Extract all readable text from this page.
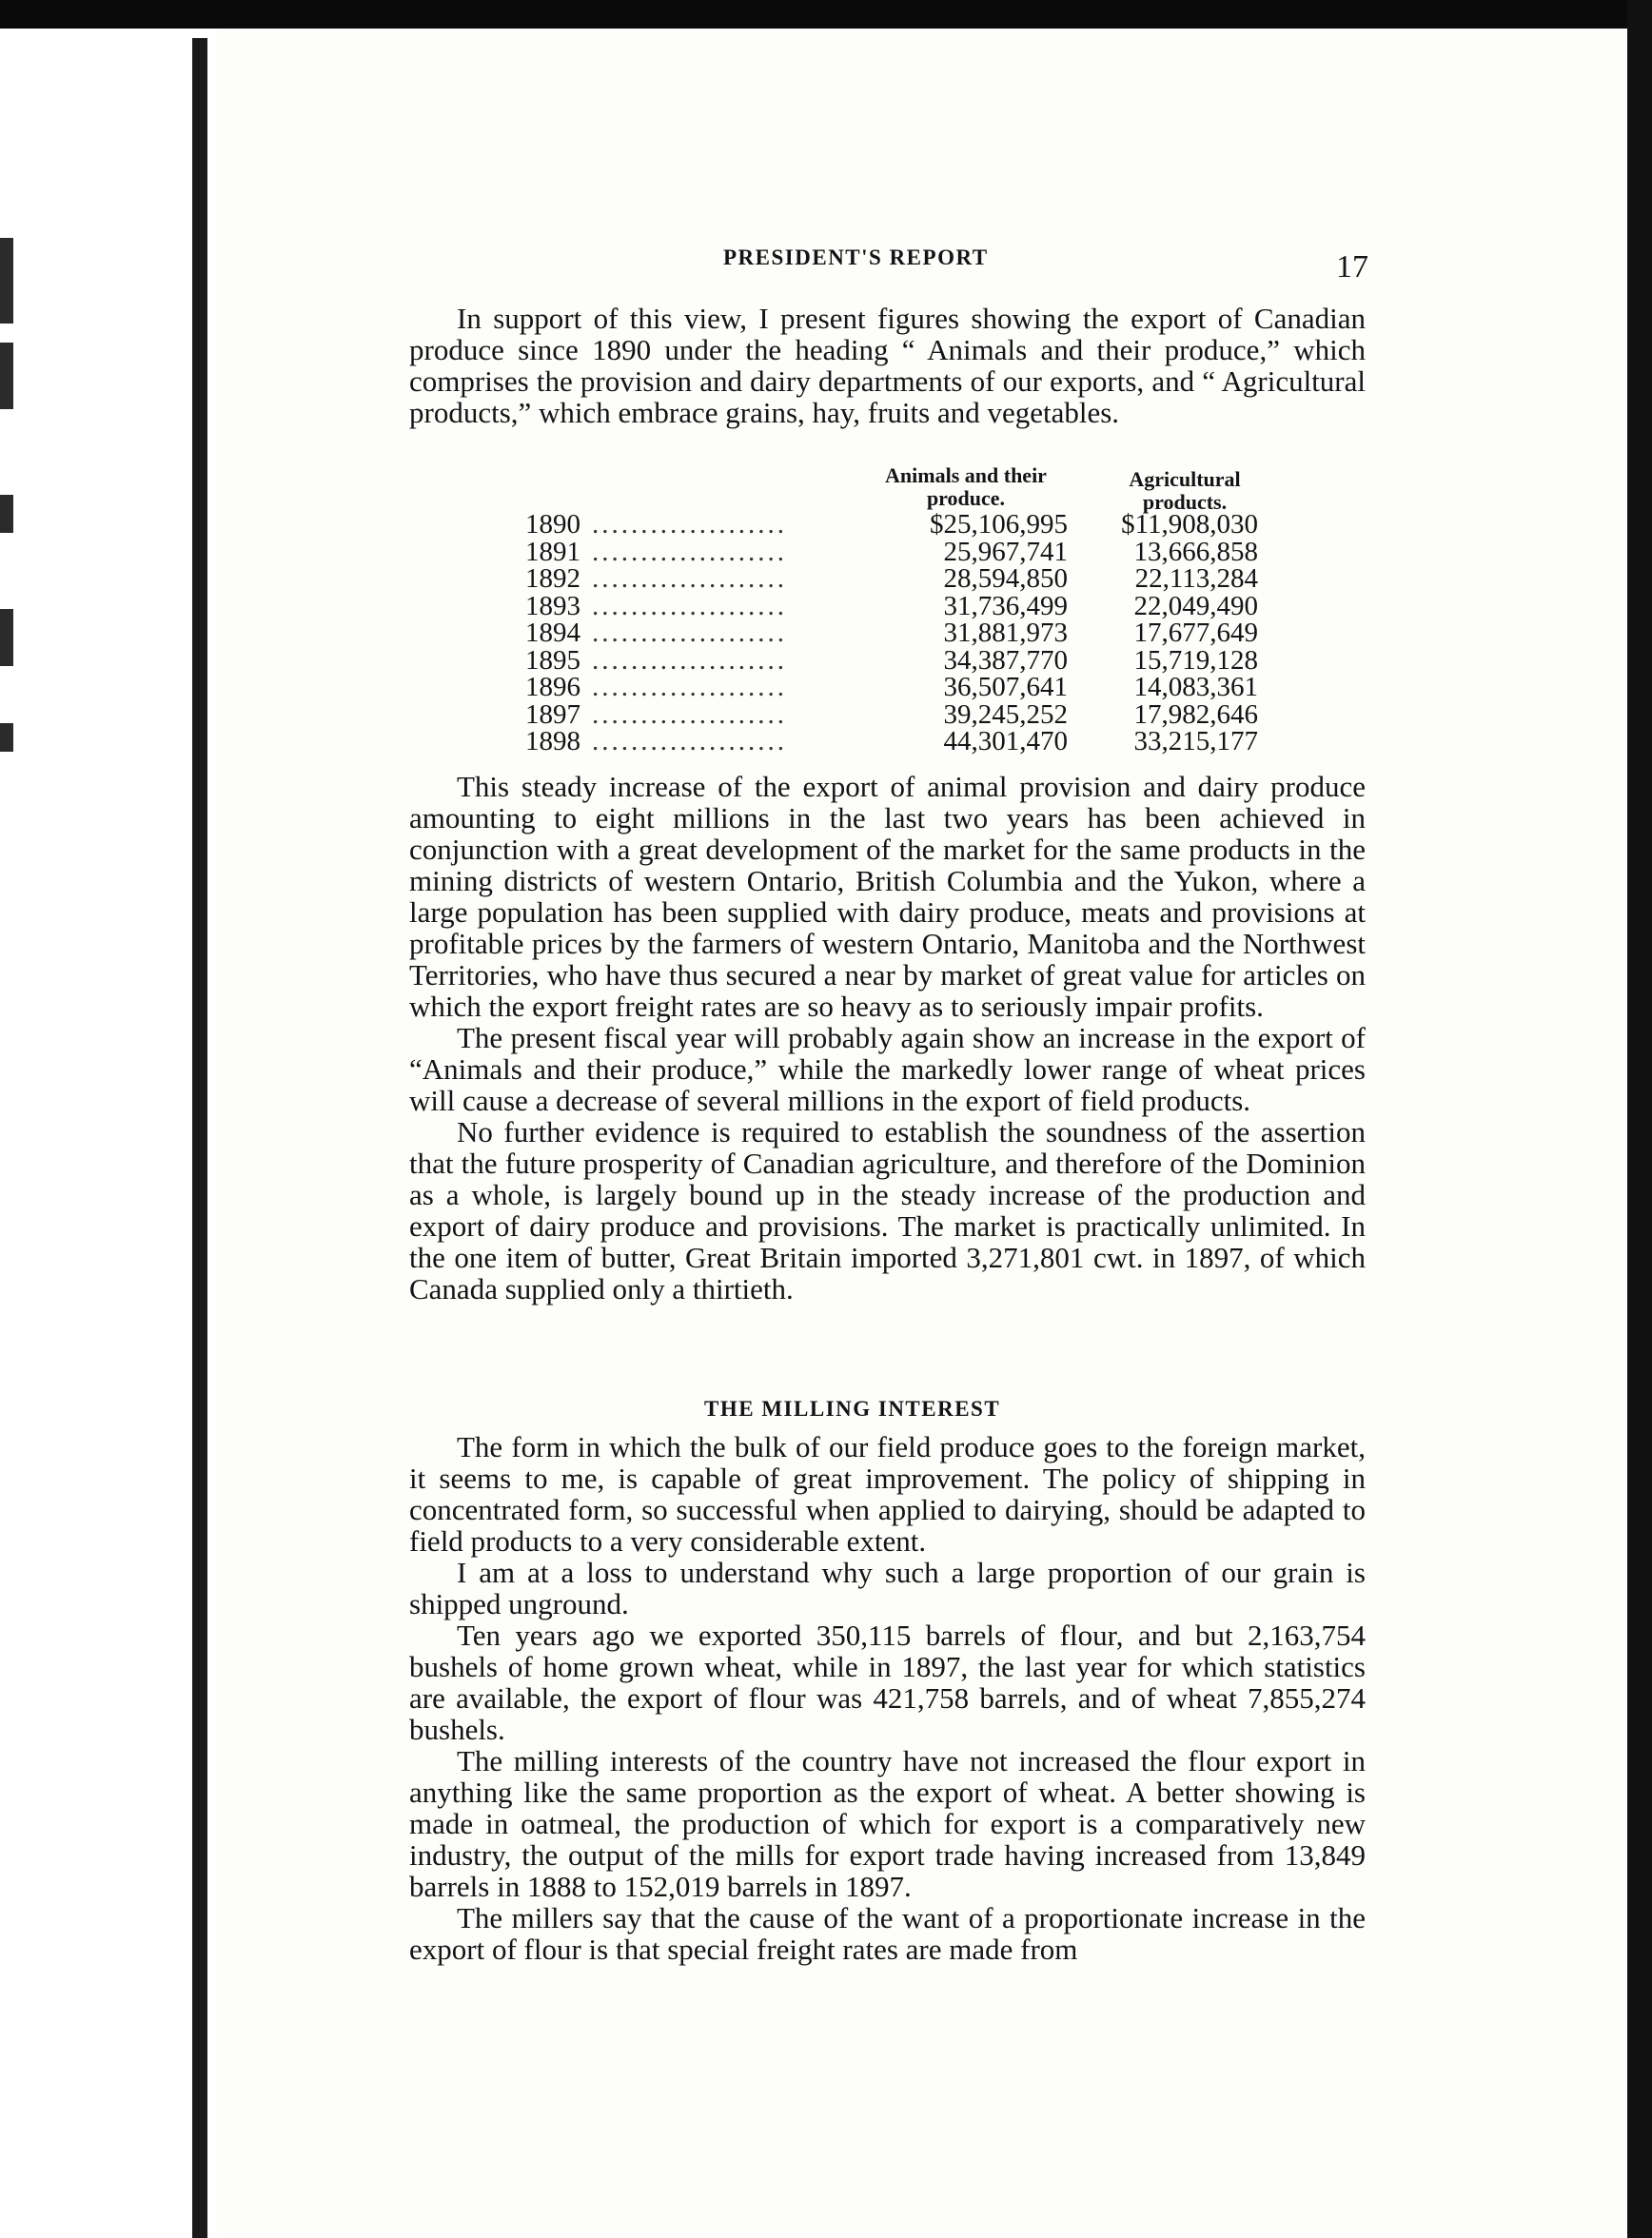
PRESIDENT'S REPORT	17

In support of this view, I present figures showing the export of Canadian produce since 1890 under the heading “ Animals and their produce,” which comprises the provision and dairy departments of our exports, and “ Agricultural products,” which embrace grains, hay, fruits and vegetables.

Animals and their produce.
Agricultural products.
1890 ....................	$25,106,995	$11,908,030
1891 ....................	25,967,741	13,666,858
1892 ....................	28,594,850	22,113,284
1893 ....................	31,736,499	22,049,490
1894 ....................	31,881,973	17,677,649
1895 ....................	34,387,770	15,719,128
1896 ....................	36,507,641	14,083,361
1897 ....................	39,245,252	17,982,646
1898 ....................	44,301,470	33,215,177

This steady increase of the export of animal provision and dairy produce amounting to eight millions in the last two years has been achieved in conjunction with a great development of the market for the same products in the mining districts of western Ontario, British Columbia and the Yukon, where a large population has been supplied with dairy produce, meats and provisions at profitable prices by the farmers of western Ontario, Manitoba and the Northwest Territories, who have thus secured a near by market of great value for articles on which the export freight rates are so heavy as to seriously impair profits.

The present fiscal year will probably again show an increase in the export of “Animals and their produce,” while the markedly lower range of wheat prices will cause a decrease of several millions in the export of field products.

No further evidence is required to establish the soundness of the assertion that the future prosperity of Canadian agriculture, and therefore of the Dominion as a whole, is largely bound up in the steady increase of the production and export of dairy produce and provisions. The market is practically unlimited. In the one item of butter, Great Britain imported 3,271,801 cwt. in 1897, of which Canada supplied only a thirtieth.

THE MILLING INTEREST

The form in which the bulk of our field produce goes to the foreign market, it seems to me, is capable of great improvement. The policy of shipping in concentrated form, so successful when applied to dairying, should be adapted to field products to a very considerable extent.

I am at a loss to understand why such a large proportion of our grain is shipped unground.

Ten years ago we exported 350,115 barrels of flour, and but 2,163,754 bushels of home grown wheat, while in 1897, the last year for which statistics are available, the export of flour was 421,758 barrels, and of wheat 7,855,274 bushels.

The milling interests of the country have not increased the flour export in anything like the same proportion as the export of wheat. A better showing is made in oatmeal, the production of which for export is a comparatively new industry, the output of the mills for export trade having increased from 13,849 barrels in 1888 to 152,019 barrels in 1897.

The millers say that the cause of the want of a proportionate increase in the export of flour is that special freight rates are made from
